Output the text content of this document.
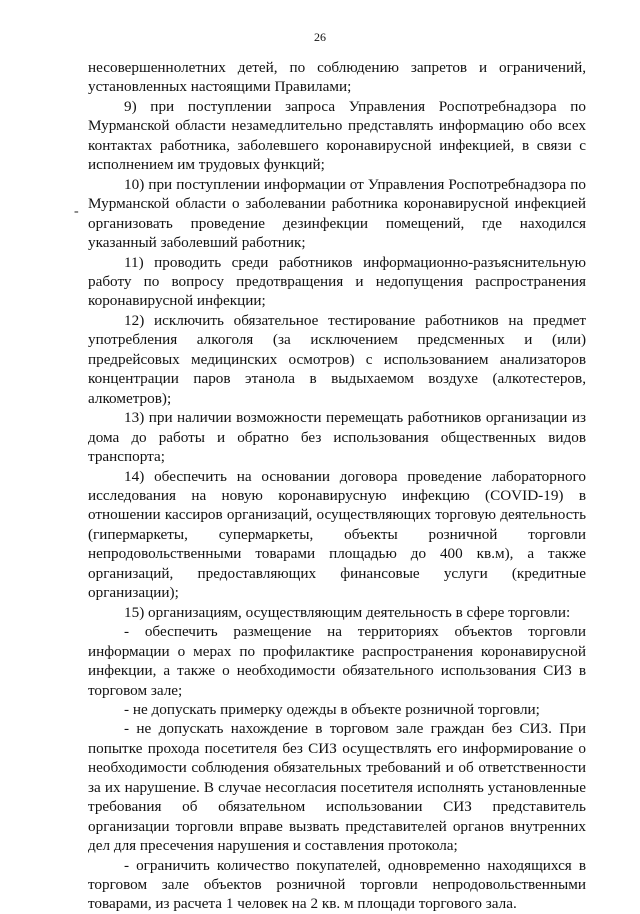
26
-

несовершеннолетних детей, по соблюдению запретов и ограничений, установленных настоящими Правилами;

9) при поступлении запроса Управления Роспотребнадзора по Мурманской области незамедлительно представлять информацию обо всех контактах работника, заболевшего коронавирусной инфекцией, в связи с исполнением им трудовых функций;

10) при поступлении информации от Управления Роспотребнадзора по Мурманской области о заболевании работника коронавирусной инфекцией организовать проведение дезинфекции помещений, где находился указанный заболевший работник;

11) проводить среди работников информационно-разъяснительную работу по вопросу предотвращения и недопущения распространения коронавирусной инфекции;

12) исключить обязательное тестирование работников на предмет употребления алкоголя (за исключением предсменных и (или) предрейсовых медицинских осмотров) с использованием анализаторов концентрации паров этанола в выдыхаемом воздухе (алкотестеров, алкометров);

13) при наличии возможности перемещать работников организации из дома до работы и обратно без использования общественных видов транспорта;

14) обеспечить на основании договора проведение лабораторного исследования на новую коронавирусную инфекцию (COVID-19) в отношении кассиров организаций, осуществляющих торговую деятельность (гипермаркеты, супермаркеты, объекты розничной торговли непродовольственными товарами площадью до 400 кв.м), а также организаций, предоставляющих финансовые услуги (кредитные организации);

15) организациям, осуществляющим деятельность в сфере торговли:

- обеспечить размещение на территориях объектов торговли информации о мерах по профилактике распространения коронавирусной инфекции, а также о необходимости обязательного использования СИЗ в торговом зале;

- не допускать примерку одежды в объекте розничной торговли;

- не допускать нахождение в торговом зале граждан без СИЗ. При попытке прохода посетителя без СИЗ осуществлять его информирование о необходимости соблюдения обязательных требований и об ответственности за их нарушение. В случае несогласия посетителя исполнять установленные требования об обязательном использовании СИЗ представитель организации торговли вправе вызвать представителей органов внутренних дел для пресечения нарушения и составления протокола;

- ограничить количество покупателей, одновременно находящихся в торговом зале объектов розничной торговли непродовольственными товарами, из расчета 1 человек на 2 кв. м площади торгового зала.
